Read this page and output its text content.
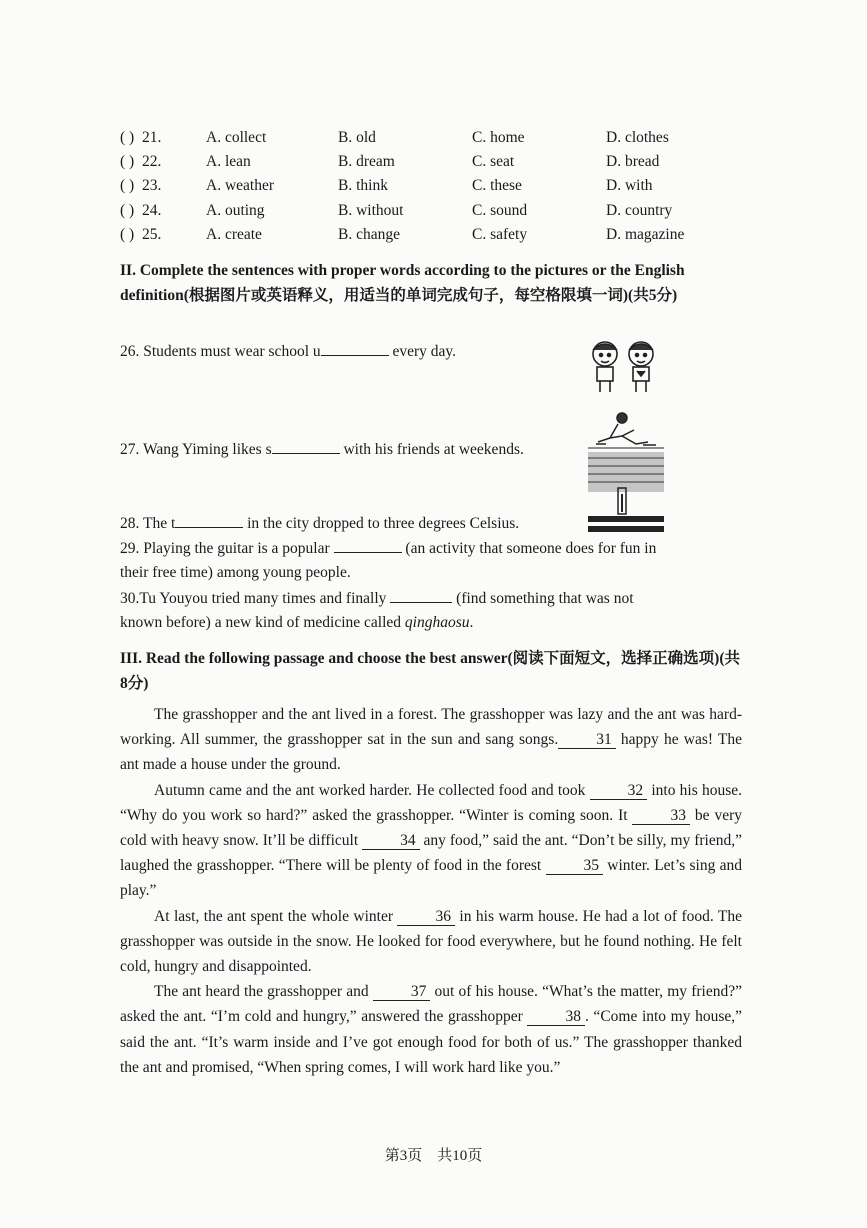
( ) 21.	A. collect	B. old	C. home	D. clothes
( ) 22.	A. lean	B. dream	C. seat	D. bread
( ) 23.	A. weather	B. think	C. these	D. with
( ) 24.	A. outing	B. without	C. sound	D. country
( ) 25.	A. create	B. change	C. safety	D. magazine
II. Complete the sentences with proper words according to the pictures or the English definition(根据图片或英语释义，用适当的单词完成句子，每空格限填一词)(共5分)
26. Students must wear school u	every day.
27. Wang Yiming likes s	with his friends at weekends.
28. The t	in the city dropped to three degrees Celsius.
29. Playing the guitar is a popular	(an activity that someone does for fun in
their free time) among young people.
30.Tu Youyou tried many times and finally	(find something that was not
known before) a new kind of medicine called qinghaosu.
III. Read the following passage and choose the best answer(阅读下面短文，选择正确选项)(共8分)

The grasshopper and the ant lived in a forest. The grasshopper was lazy and the ant was hard-working. All summer, the grasshopper sat in the sun and sang songs. 31 happy he was! The ant made a house under the ground.

Autumn came and the ant worked harder. He collected food and took 32 into his house. “Why do you work so hard?” asked the grasshopper. “Winter is coming soon. It 33 be very cold with heavy snow. It’ll be difficult 34 any food,” said the ant. “Don’t be silly, my friend,” laughed the grasshopper. “There will be plenty of food in the forest 35 winter. Let’s sing and play.”

At last, the ant spent the whole winter 36 in his warm house. He had a lot of food. The grasshopper was outside in the snow. He looked for food everywhere, but he found nothing. He felt cold, hungry and disappointed.

The ant heard the grasshopper and 37 out of his house. “What’s the matter, my friend?” asked the ant. “I’m cold and hungry,” answered the grasshopper 38 . “Come into my house,” said the ant. “It’s warm inside and I’ve got enough food for both of us.” The grasshopper thanked the ant and promised, “When spring comes, I will work hard like you.”

第3页　共10页
